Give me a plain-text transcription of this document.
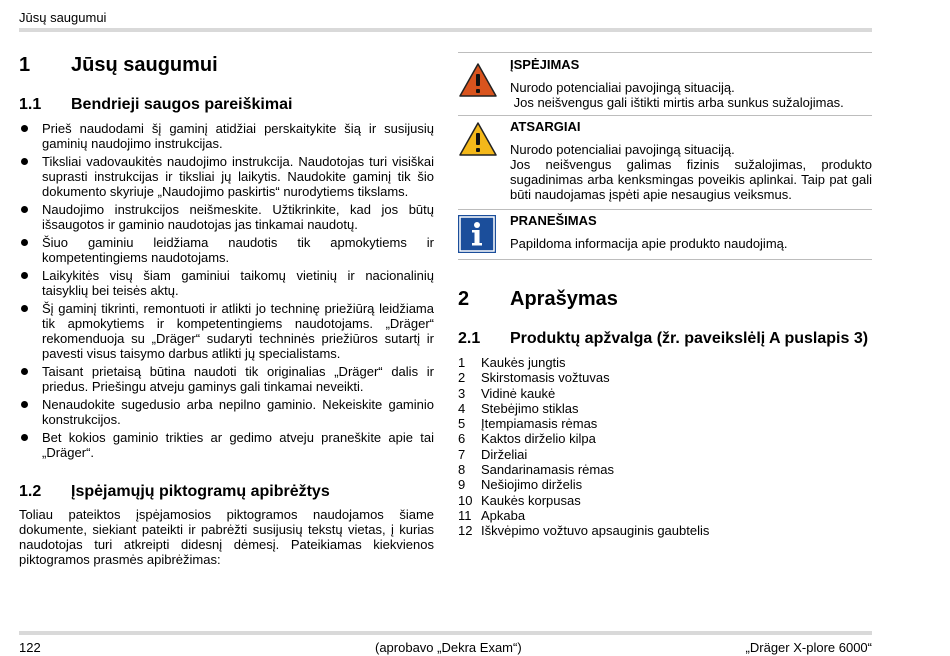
Jūsų saugumui
1	Jūsų saugumui
1.1	Bendrieji saugos pareiškimai
Prieš naudodami šį gaminį atidžiai perskaitykite šią ir susijusių gaminių naudojimo instrukcijas.
Tiksliai vadovaukitės naudojimo instrukcija. Naudotojas turi visiškai suprasti instrukcijas ir tiksliai jų laikytis. Naudokite gaminį tik šio dokumento skyriuje „Naudojimo paskirtis“ nurodytiems tikslams.
Naudojimo instrukcijos neišmeskite. Užtikrinkite, kad jos būtų išsaugotos ir gaminio naudotojas jas tinkamai naudotų.
Šiuo gaminiu leidžiama naudotis tik apmokytiems ir kompetentingiems naudotojams.
Laikykitės visų šiam gaminiui taikomų vietinių ir nacionalinių taisyklių bei teisės aktų.
Šį gaminį tikrinti, remontuoti ir atlikti jo techninę priežiūrą leidžiama tik apmokytiems ir kompetentingiems naudotojams. „Dräger“ rekomenduoja su „Dräger“ sudaryti techninės priežiūros sutartį ir pavesti visus taisymo darbus atlikti jų specialistams.
Taisant prietaisą būtina naudoti tik originalias „Dräger“ dalis ir priedus. Priešingu atveju gaminys gali tinkamai neveikti.
Nenaudokite sugedusio arba nepilno gaminio. Nekeiskite gaminio konstrukcijos.
Bet kokios gaminio trikties ar gedimo atveju praneškite apie tai „Dräger“.
1.2	Įspėjamųjų piktogramų apibrėžtys
Toliau pateiktos įspėjamosios piktogramos naudojamos šiame dokumente, siekiant pateikti ir pabrėžti susijusių tekstų vietas, į kurias naudotojas turi atkreipti didesnį dėmesį. Pateikiamas kiekvienos piktogramos prasmės apibrėžimas:
ĮSPĖJIMAS
Nurodo potencialiai pavojingą situaciją.
Jos neišvengus gali ištikti mirtis arba sunkus sužalojimas.
ATSARGIAI
Nurodo potencialiai pavojingą situaciją.
Jos neišvengus galimas fizinis sužalojimas, produkto sugadinimas arba kenksmingas poveikis aplinkai. Taip pat gali būti naudojamas įspėti apie nesaugius veiksmus.
PRANEŠIMAS
Papildoma informacija apie produkto naudojimą.
2	Aprašymas
2.1	Produktų apžvalga (žr. paveikslėlį A puslapis 3)
1	Kaukės jungtis
2	Skirstomasis vožtuvas
3	Vidinė kaukė
4	Stebėjimo stiklas
5	Įtempiamasis rėmas
6	Kaktos dirželio kilpa
7	Dirželiai
8	Sandarinamasis rėmas
9	Nešiojimo dirželis
10 Kaukės korpusas
11 Apkaba
12 Iškvėpimo vožtuvo apsauginis gaubtelis
122	(aprobavo „Dekra Exam“)	„Dräger X-plore 6000“
